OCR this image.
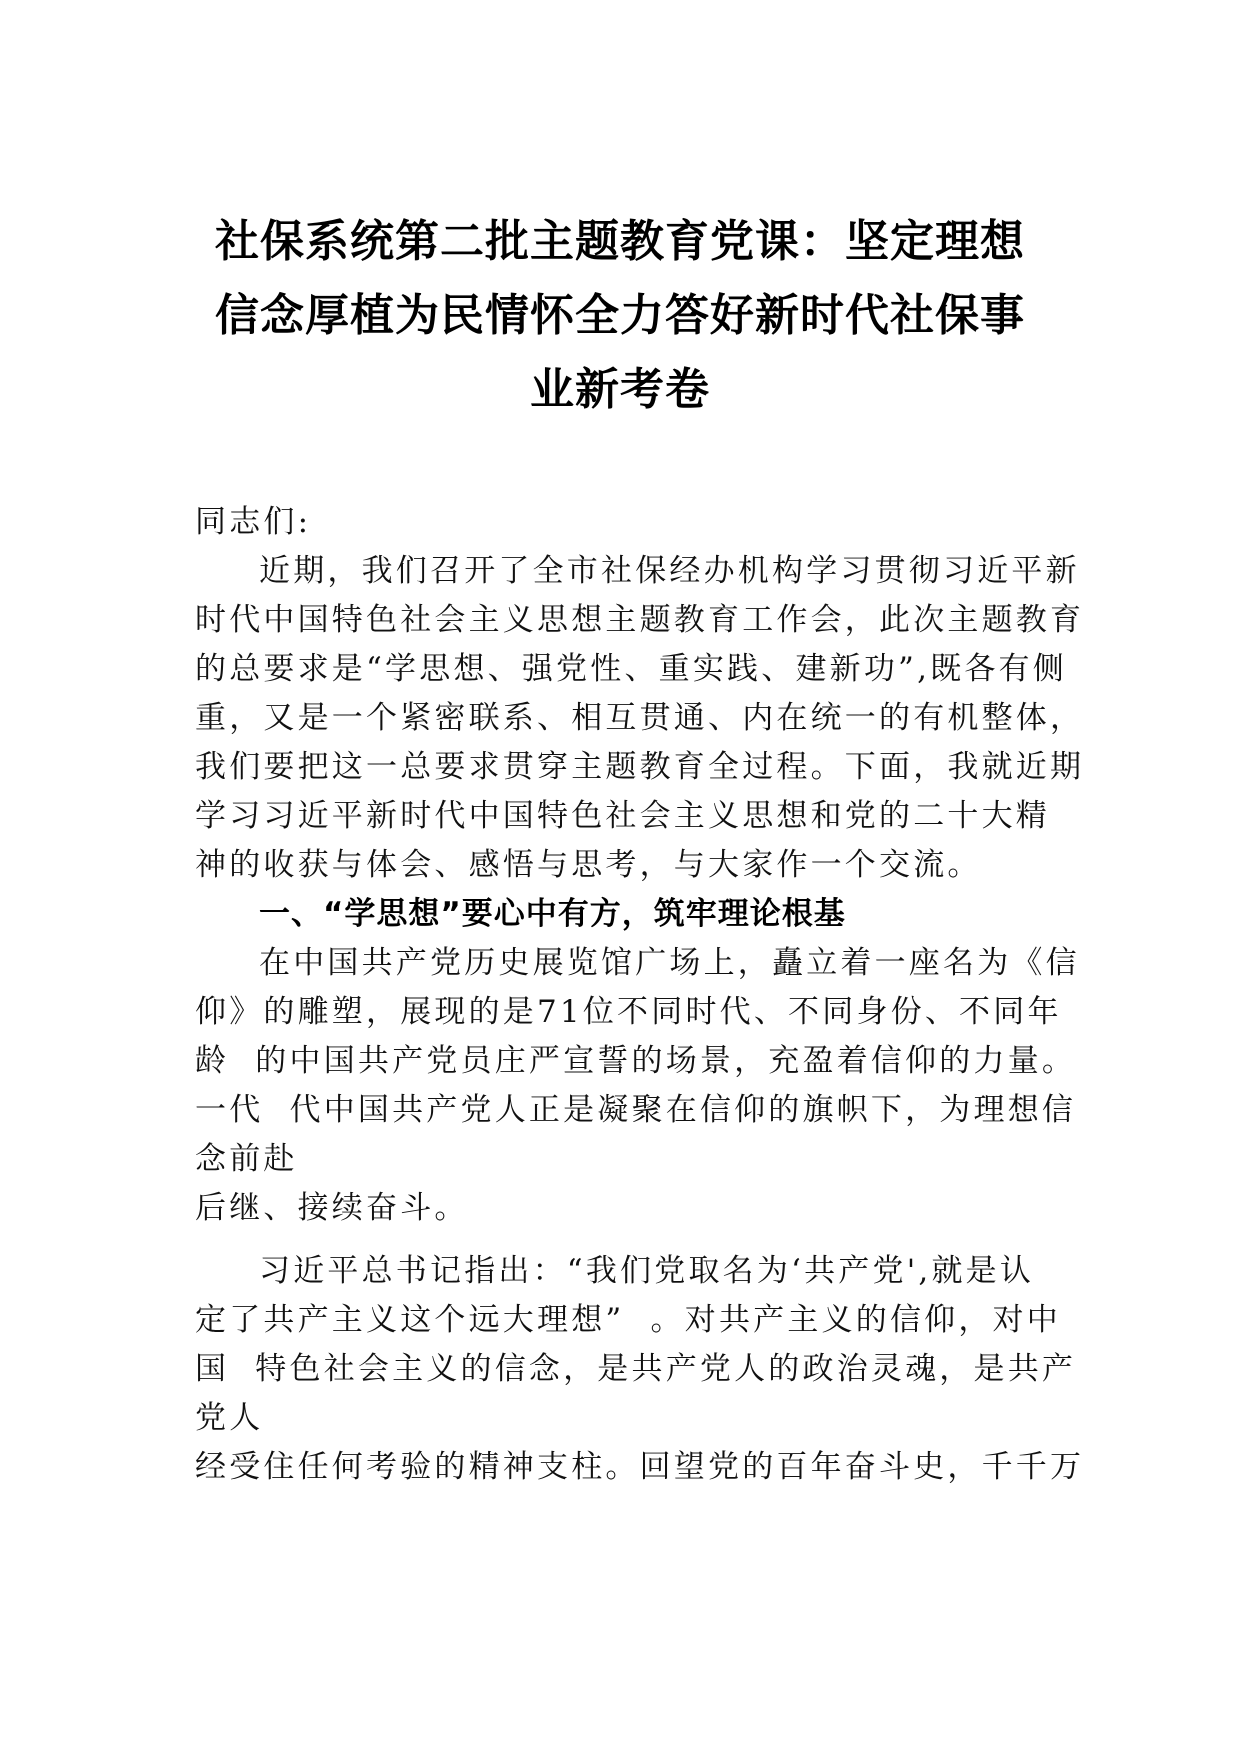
社保系统第二批主题教育党课：坚定理想
信念厚植为民情怀全力答好新时代社保事
业新考卷
同志们:
近期，我们召开了全市社保经办机构学习贯彻习近平新
时代中国特色社会主义思想主题教育工作会，此次主题教育
的总要求是“学思想、强党性、重实践、建新功”,既各有侧
重，又是一个紧密联系、相互贯通、内在统一的有机整体，
我们要把这一总要求贯穿主题教育全过程。下面，我就近期
学习习近平新时代中国特色社会主义思想和党的二十大精
神的收获与体会、感悟与思考，与大家作一个交流。
一、“学思想”要心中有方，筑牢理论根基
在中国共产党历史展览馆广场上，矗立着一座名为《信
仰》的雕塑，展现的是71位不同时代、不同身份、不同年
龄  的中国共产党员庄严宣誓的场景，充盈着信仰的力量。
一代  代中国共产党人正是凝聚在信仰的旗帜下，为理想信
念前赴
后继、接续奋斗。
习近平总书记指出：“我们党取名为‘共产党',就是认
定了共产主义这个远大理想”  。对共产主义的信仰，对中
国  特色社会主义的信念，是共产党人的政治灵魂，是共产
党人
经受住任何考验的精神支柱。回望党的百年奋斗史，千千万
